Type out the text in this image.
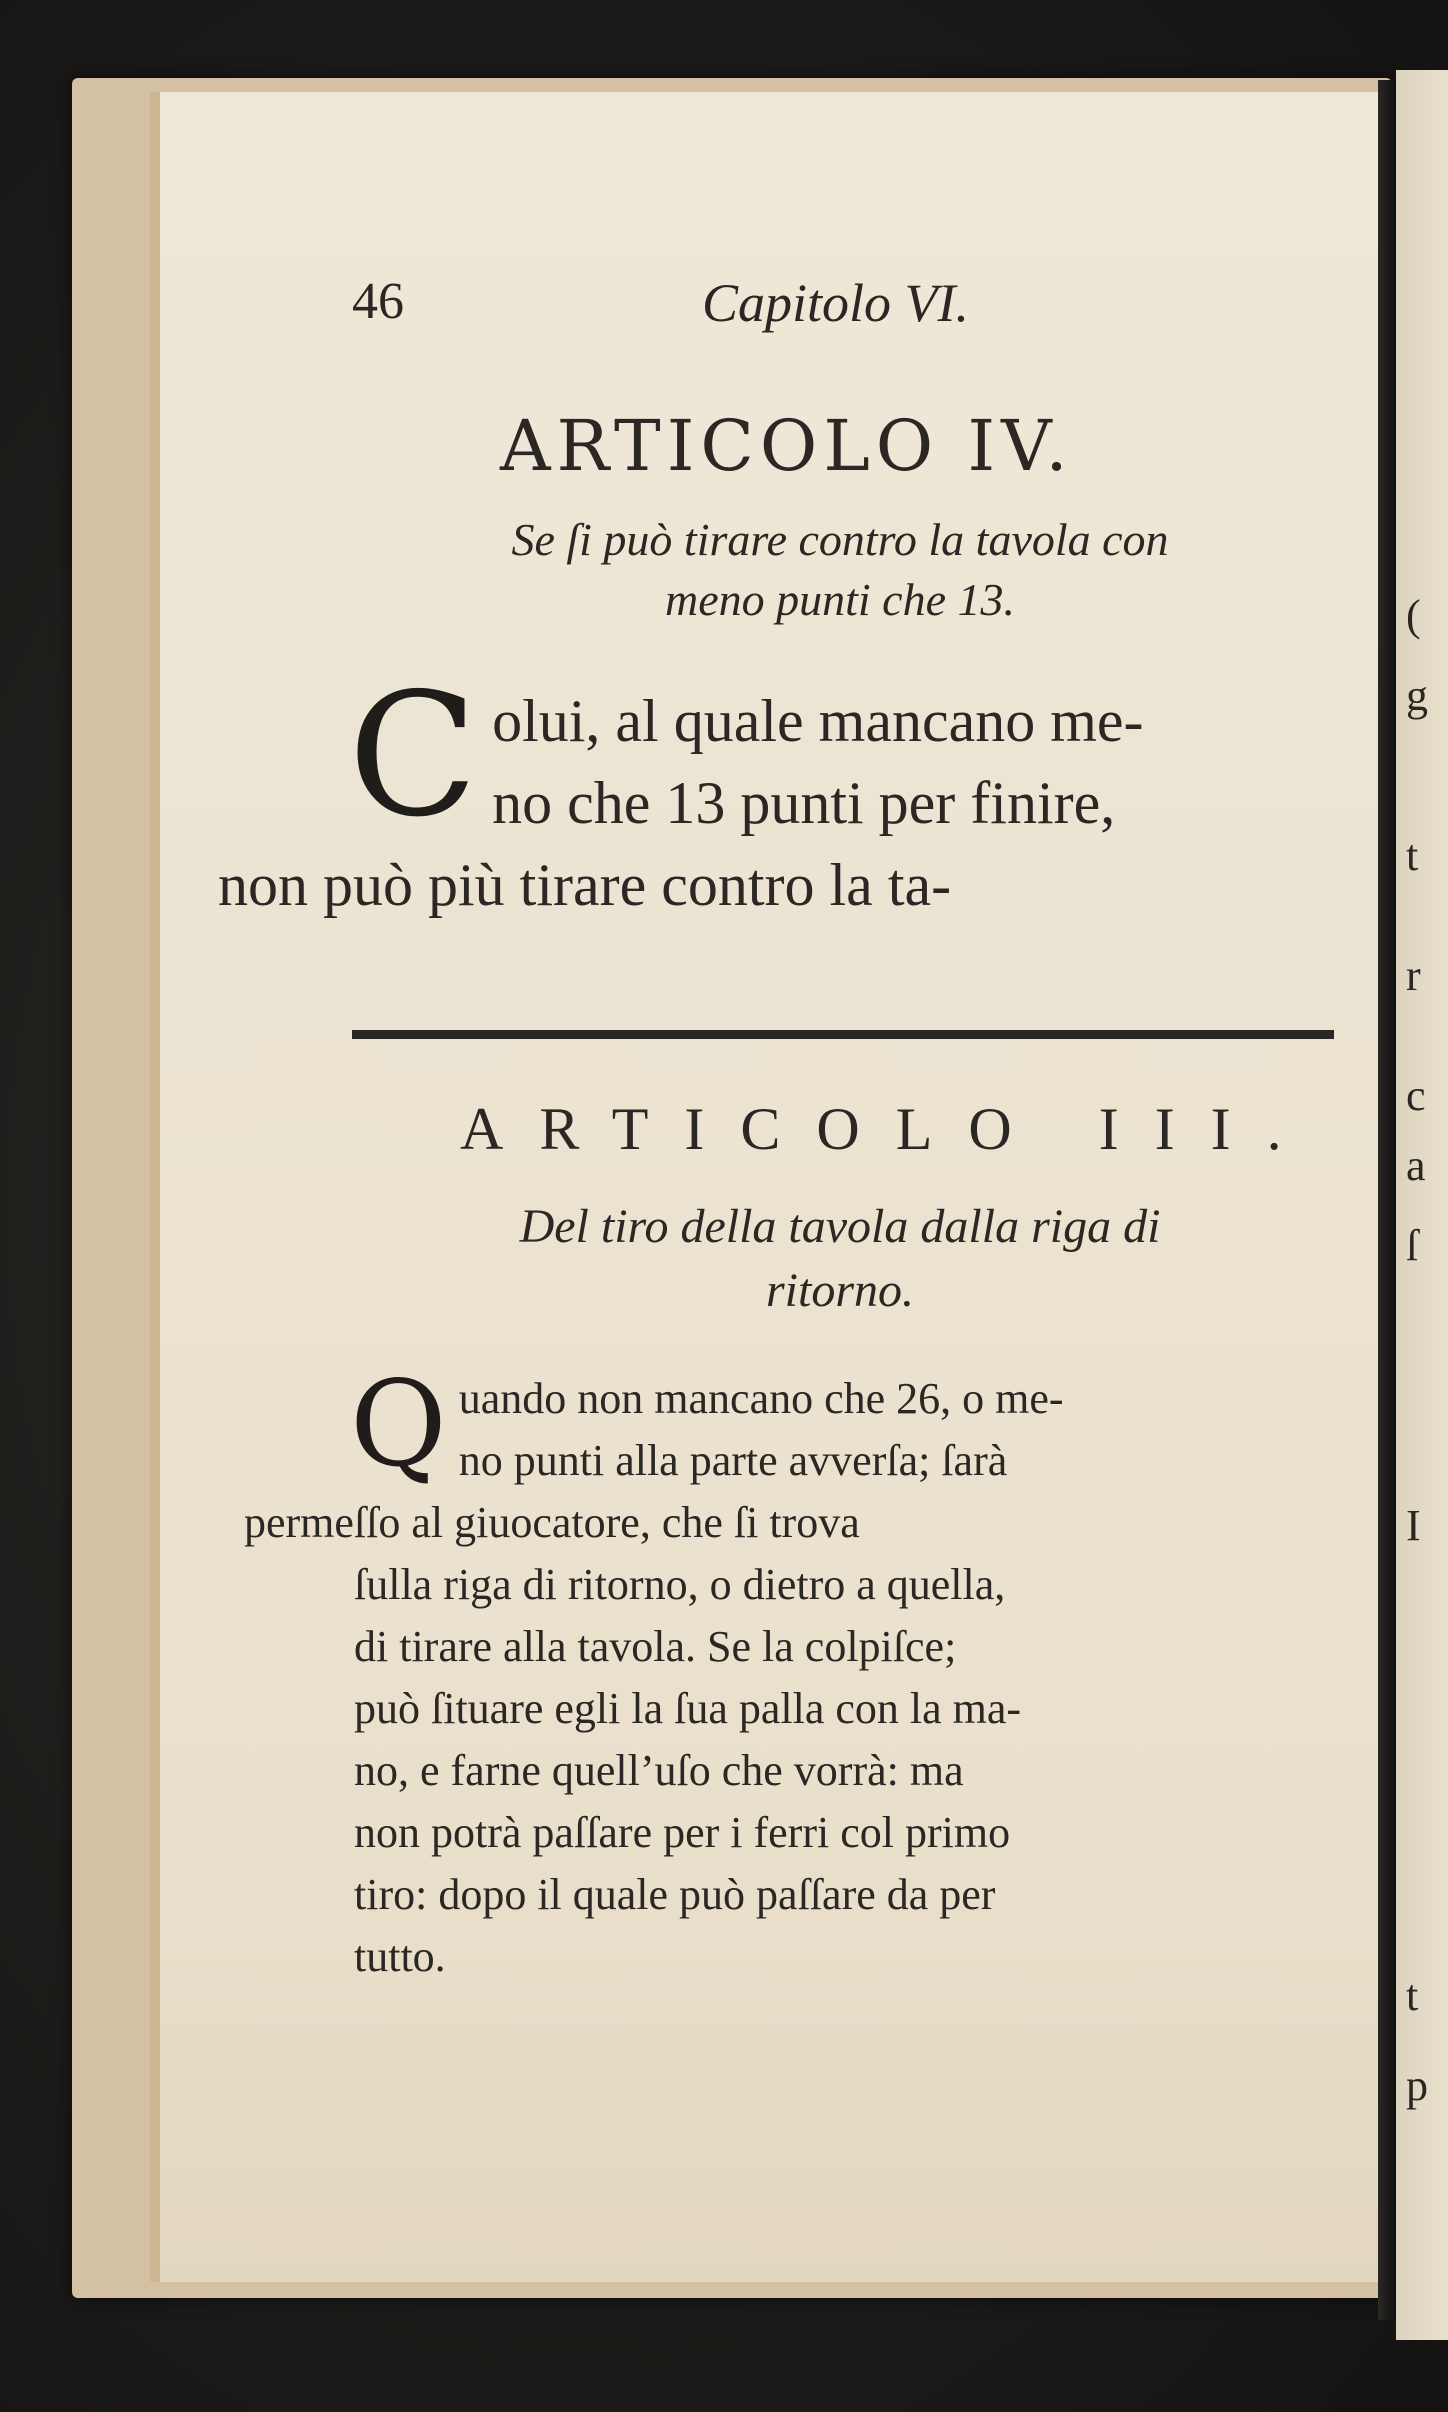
(
g
t
r
c
a
ſ
I
t
p
46	Capitolo VI.
ARTICOLO IV.
Se ſi può tirare contro la tavola con
meno punti che 13.
C olui, al quale mancano me-
no che 13 punti per finire,
non può più tirare contro la ta-
ARTICOLO III.
Del tiro della tavola dalla riga di
ritorno.
Q uando non mancano che 26, o me-
no punti alla parte avverſa; ſarà
permeſſo al giuocatore, che ſi trova
ſulla riga di ritorno, o dietro a quella,
di tirare alla tavola. Se la colpiſce;
può ſituare egli la ſua palla con la ma-
no, e farne quell’uſo che vorrà: ma
non potrà paſſare per i ferri col primo
tiro: dopo il quale può paſſare da per
tutto.
